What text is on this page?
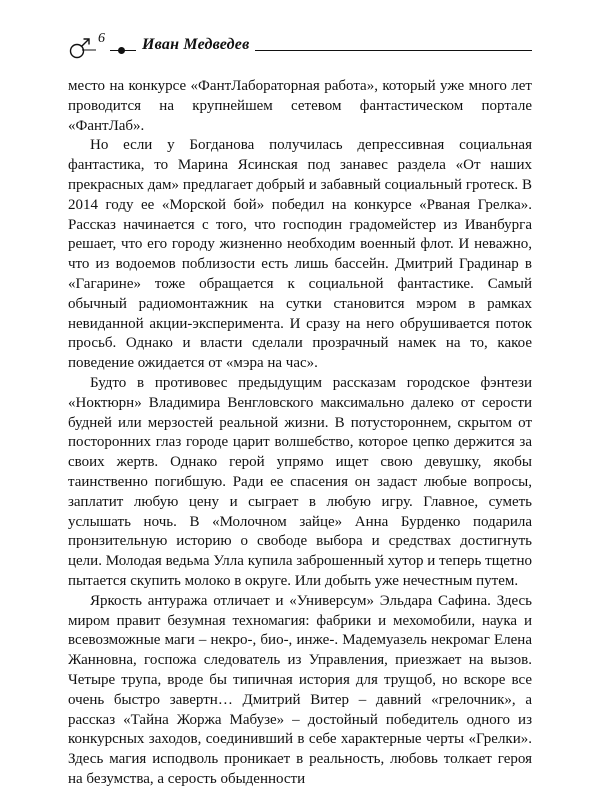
6	Иван Медведев

место на конкурсе «ФантЛабораторная работа», который уже много лет проводится на крупнейшем сетевом фантастическом портале «ФантЛаб».

Но если у Богданова получилась депрессивная социальная фантастика, то Марина Ясинская под занавес раздела «От наших прекрасных дам» предлагает добрый и забавный социальный гротеск. В 2014 году ее «Морской бой» победил на конкурсе «Рваная Грелка». Рассказ начинается с того, что господин градомейстер из Иванбурга решает, что его городу жизненно необходим военный флот. И неважно, что из водоемов поблизости есть лишь бассейн. Дмитрий Градинар в «Гагарине» тоже обращается к социальной фантастике. Самый обычный радиомонтажник на сутки становится мэром в рамках невиданной акции-эксперимента. И сразу на него обрушивается поток просьб. Однако и власти сделали прозрачный намек на то, какое поведение ожидается от «мэра на час».

Будто в противовес предыдущим рассказам городское фэнтези «Ноктюрн» Владимира Венгловского максимально далеко от серости будней или мерзостей реальной жизни. В потустороннем, скрытом от посторонних глаз городе царит волшебство, которое цепко держится за своих жертв. Однако герой упрямо ищет свою девушку, якобы таинственно погибшую. Ради ее спасения он задаст любые вопросы, заплатит любую цену и сыграет в любую игру. Главное, суметь услышать ночь. В «Молочном зайце» Анна Бурденко подарила пронзительную историю о свободе выбора и средствах достигнуть цели. Молодая ведьма Улла купила заброшенный хутор и теперь тщетно пытается скупить молоко в округе. Или добыть уже нечестным путем.

Яркость антуража отличает и «Универсум» Эльдара Сафина. Здесь миром правит безумная техномагия: фабрики и мехомобили, наука и всевозможные маги – некро-, био-, инже-. Мадемуазель некромаг Елена Жанновна, госпожа следователь из Управления, приезжает на вызов. Четыре трупа, вроде бы типичная история для трущоб, но вскоре все очень быстро завертн… Дмитрий Витер – давний «грелочник», а рассказ «Тайна Жоржа Мабузе» – достойный победитель одного из конкурсных заходов, соединивший в себе характерные черты «Грелки». Здесь магия исподволь проникает в реальность, любовь толкает героя на безумства, а серость обыденности
